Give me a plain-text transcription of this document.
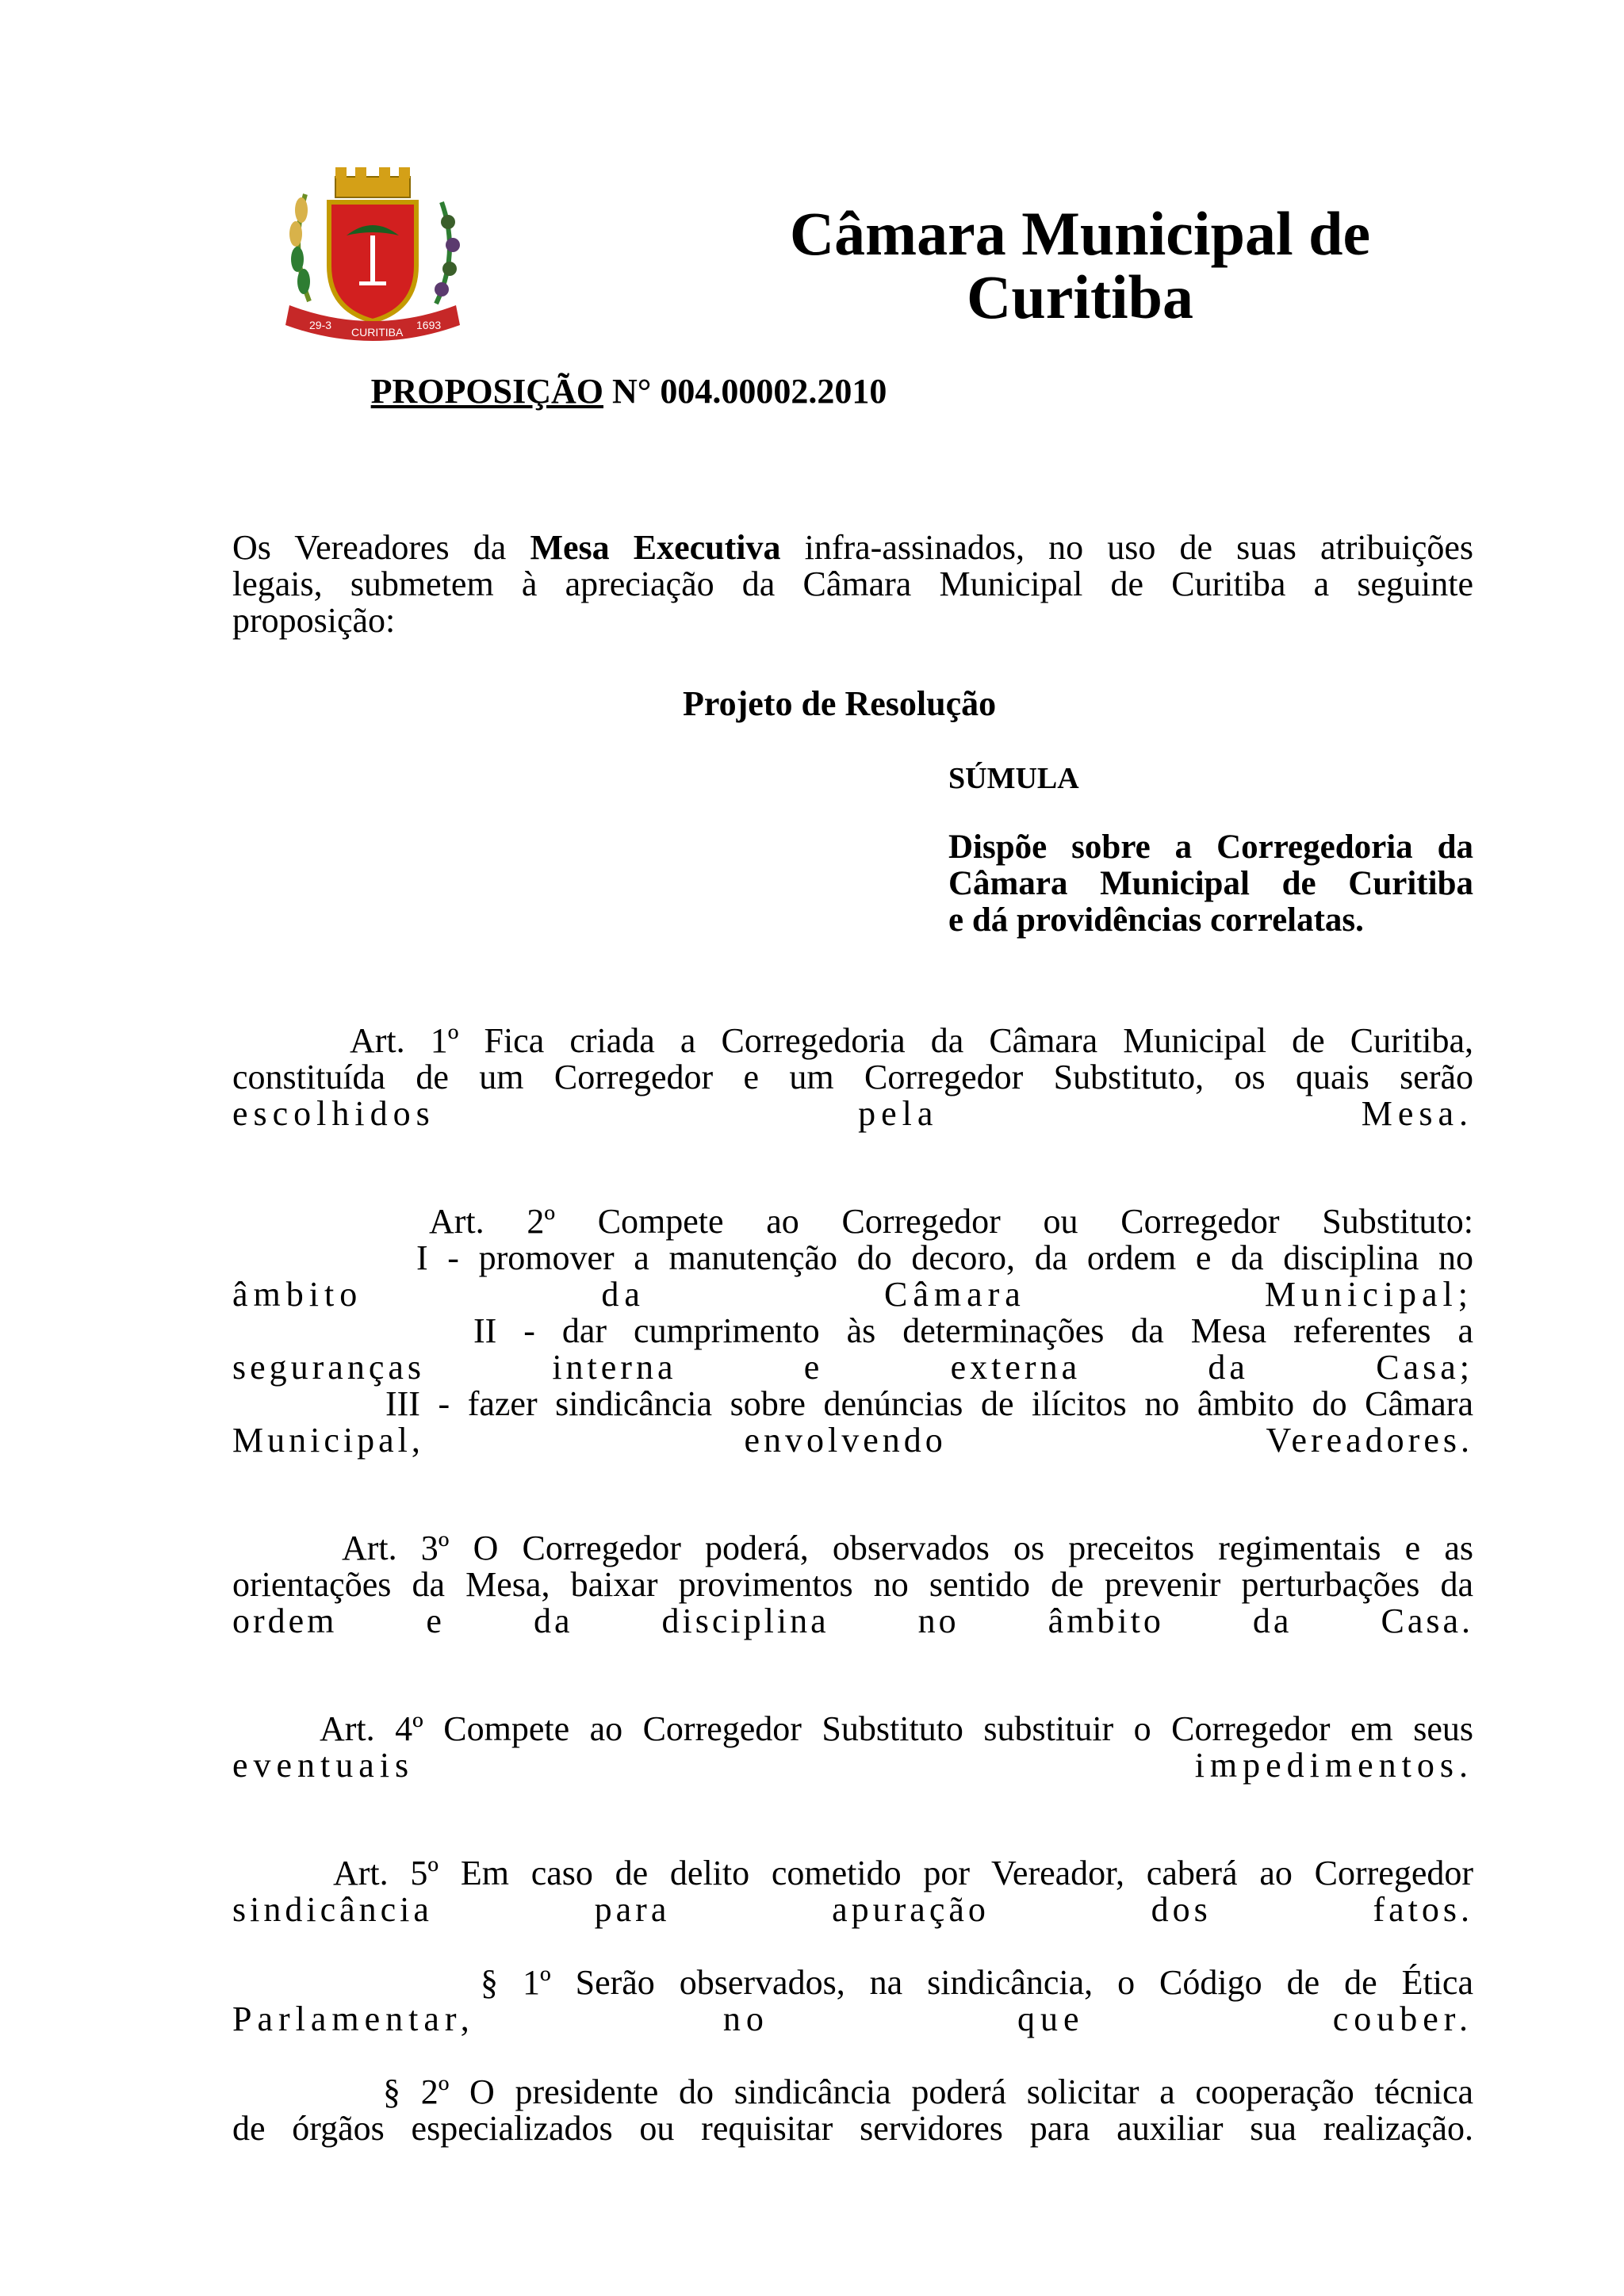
29-3
CURITIBA
1693
Câmara Municipal de
Curitiba
PROPOSIÇÃO N° 004.00002.2010
Os Vereadores da Mesa Executiva infra-assinados, no uso de suas atribuições
legais, submetem à apreciação da Câmara Municipal de Curitiba a seguinte
proposição:
Projeto de Resolução
SÚMULA
Dispõe sobre a Corregedoria da
Câmara Municipal de Curitiba
e dá providências correlatas.
Art. 1º Fica criada a Corregedoria da Câmara Municipal de Curitiba,
constituída de um Corregedor e um Corregedor Substituto, os quais serão
escolhidos pela Mesa.
Art. 2º Compete ao Corregedor ou Corregedor Substituto:
I - promover a manutenção do decoro, da ordem e da disciplina no
âmbito da Câmara Municipal;
II - dar cumprimento às determinações da Mesa referentes a
seguranças interna e externa da Casa;
III - fazer sindicância sobre denúncias de ilícitos no âmbito do Câmara
Municipal, envolvendo Vereadores.
Art. 3º O Corregedor poderá, observados os preceitos regimentais e as
orientações da Mesa, baixar provimentos no sentido de prevenir perturbações da
ordem e da disciplina no âmbito da Casa.
Art. 4º Compete ao Corregedor Substituto substituir o Corregedor em seus
eventuais impedimentos.
Art. 5º Em caso de delito cometido por Vereador, caberá ao Corregedor
sindicância para apuração dos fatos.
§ 1º Serão observados, na sindicância, o Código de de Ética
Parlamentar, no que couber.
§ 2º O presidente do sindicância poderá solicitar a cooperação técnica
de órgãos especializados ou requisitar servidores para auxiliar sua realização.
